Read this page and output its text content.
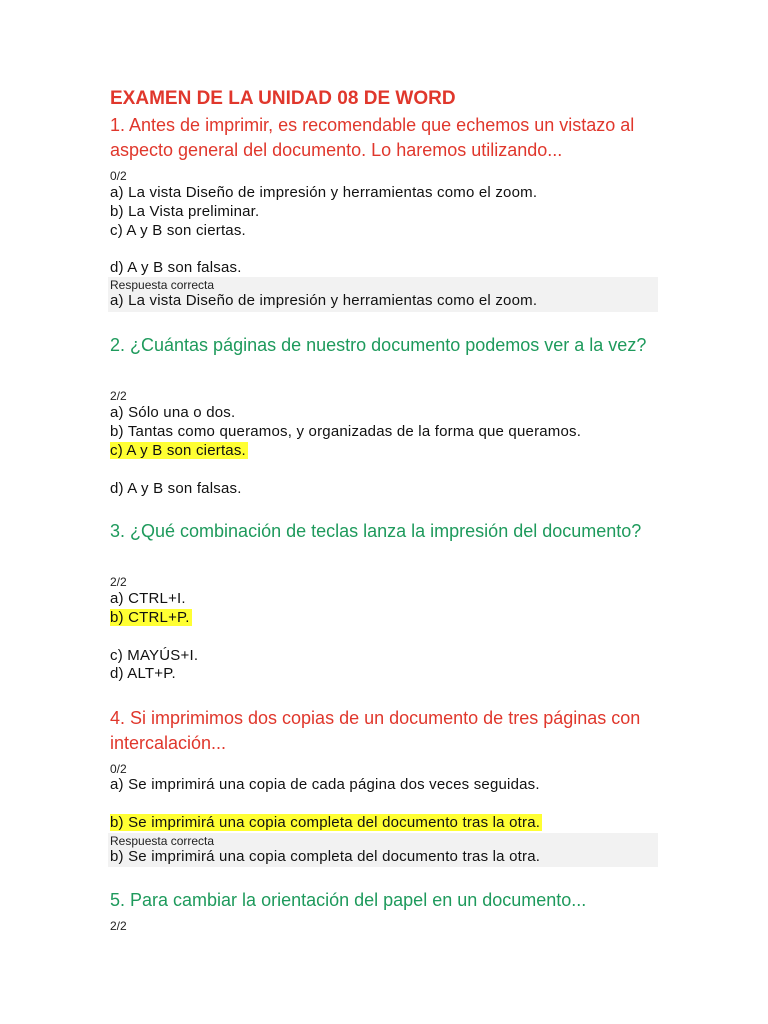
EXAMEN DE LA UNIDAD 08 DE WORD
1. Antes de imprimir, es recomendable que echemos un vistazo al aspecto general del documento. Lo haremos utilizando...
0/2
a) La vista Diseño de impresión y herramientas como el zoom.
b) La Vista preliminar.
c) A y B son ciertas.
d) A y B son falsas.
Respuesta correcta
a) La vista Diseño de impresión y herramientas como el zoom.
2. ¿Cuántas páginas de nuestro documento podemos ver a la vez?
2/2
a) Sólo una o dos.
b) Tantas como queramos, y organizadas de la forma que queramos.
c) A y B son ciertas.
d) A y B son falsas.
3. ¿Qué combinación de teclas lanza la impresión del documento?
2/2
a) CTRL+I.
b) CTRL+P.
c) MAYÚS+I.
d) ALT+P.
4. Si imprimimos dos copias de un documento de tres páginas con intercalación...
0/2
a) Se imprimirá una copia de cada página dos veces seguidas.
b) Se imprimirá una copia completa del documento tras la otra.
Respuesta correcta
b) Se imprimirá una copia completa del documento tras la otra.
5. Para cambiar la orientación del papel en un documento...
2/2
